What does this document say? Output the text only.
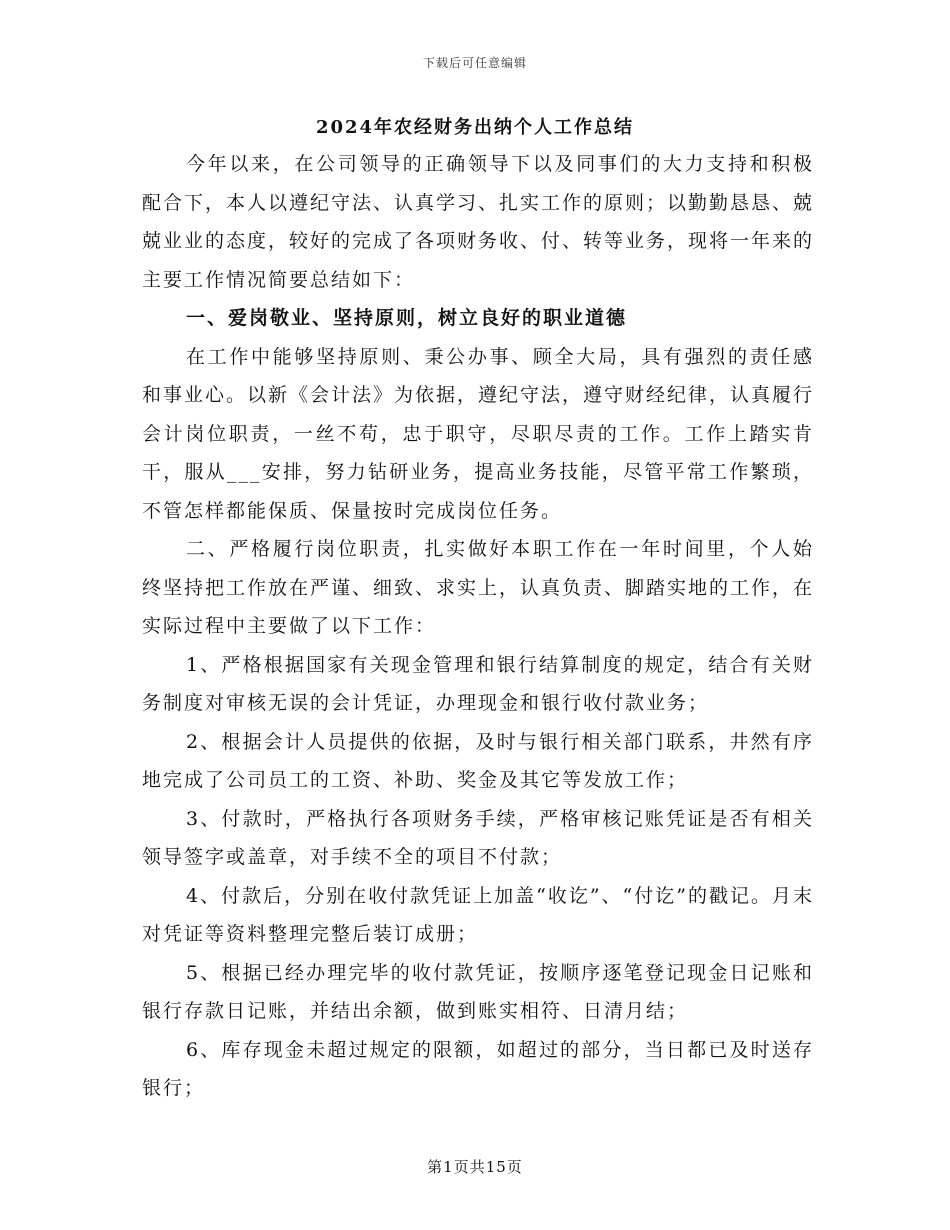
下载后可任意编辑
2024年农经财务出纳个人工作总结

今年以来，在公司领导的正确领导下以及同事们的大力支持和积极配合下，本人以遵纪守法、认真学习、扎实工作的原则；以勤勤恳恳、兢兢业业的态度，较好的完成了各项财务收、付、转等业务，现将一年来的主要工作情况简要总结如下：

一、爱岗敬业、坚持原则，树立良好的职业道德

在工作中能够坚持原则、秉公办事、顾全大局，具有强烈的责任感和事业心。以新《会计法》为依据，遵纪守法，遵守财经纪律，认真履行会计岗位职责，一丝不苟，忠于职守，尽职尽责的工作。工作上踏实肯干，服从___安排，努力钻研业务，提高业务技能，尽管平常工作繁琐，不管怎样都能保质、保量按时完成岗位任务。

二、严格履行岗位职责，扎实做好本职工作在一年时间里，个人始终坚持把工作放在严谨、细致、求实上，认真负责、脚踏实地的工作，在实际过程中主要做了以下工作：

1、严格根据国家有关现金管理和银行结算制度的规定，结合有关财务制度对审核无误的会计凭证，办理现金和银行收付款业务；

2、根据会计人员提供的依据，及时与银行相关部门联系，井然有序地完成了公司员工的工资、补助、奖金及其它等发放工作；

3、付款时，严格执行各项财务手续，严格审核记账凭证是否有相关领导签字或盖章，对手续不全的项目不付款；

4、付款后，分别在收付款凭证上加盖“收讫”、“付讫”的戳记。月末对凭证等资料整理完整后装订成册；

5、根据已经办理完毕的收付款凭证，按顺序逐笔登记现金日记账和银行存款日记账，并结出余额，做到账实相符、日清月结；

6、库存现金未超过规定的限额，如超过的部分，当日都已及时送存银行；

第1页共15页
